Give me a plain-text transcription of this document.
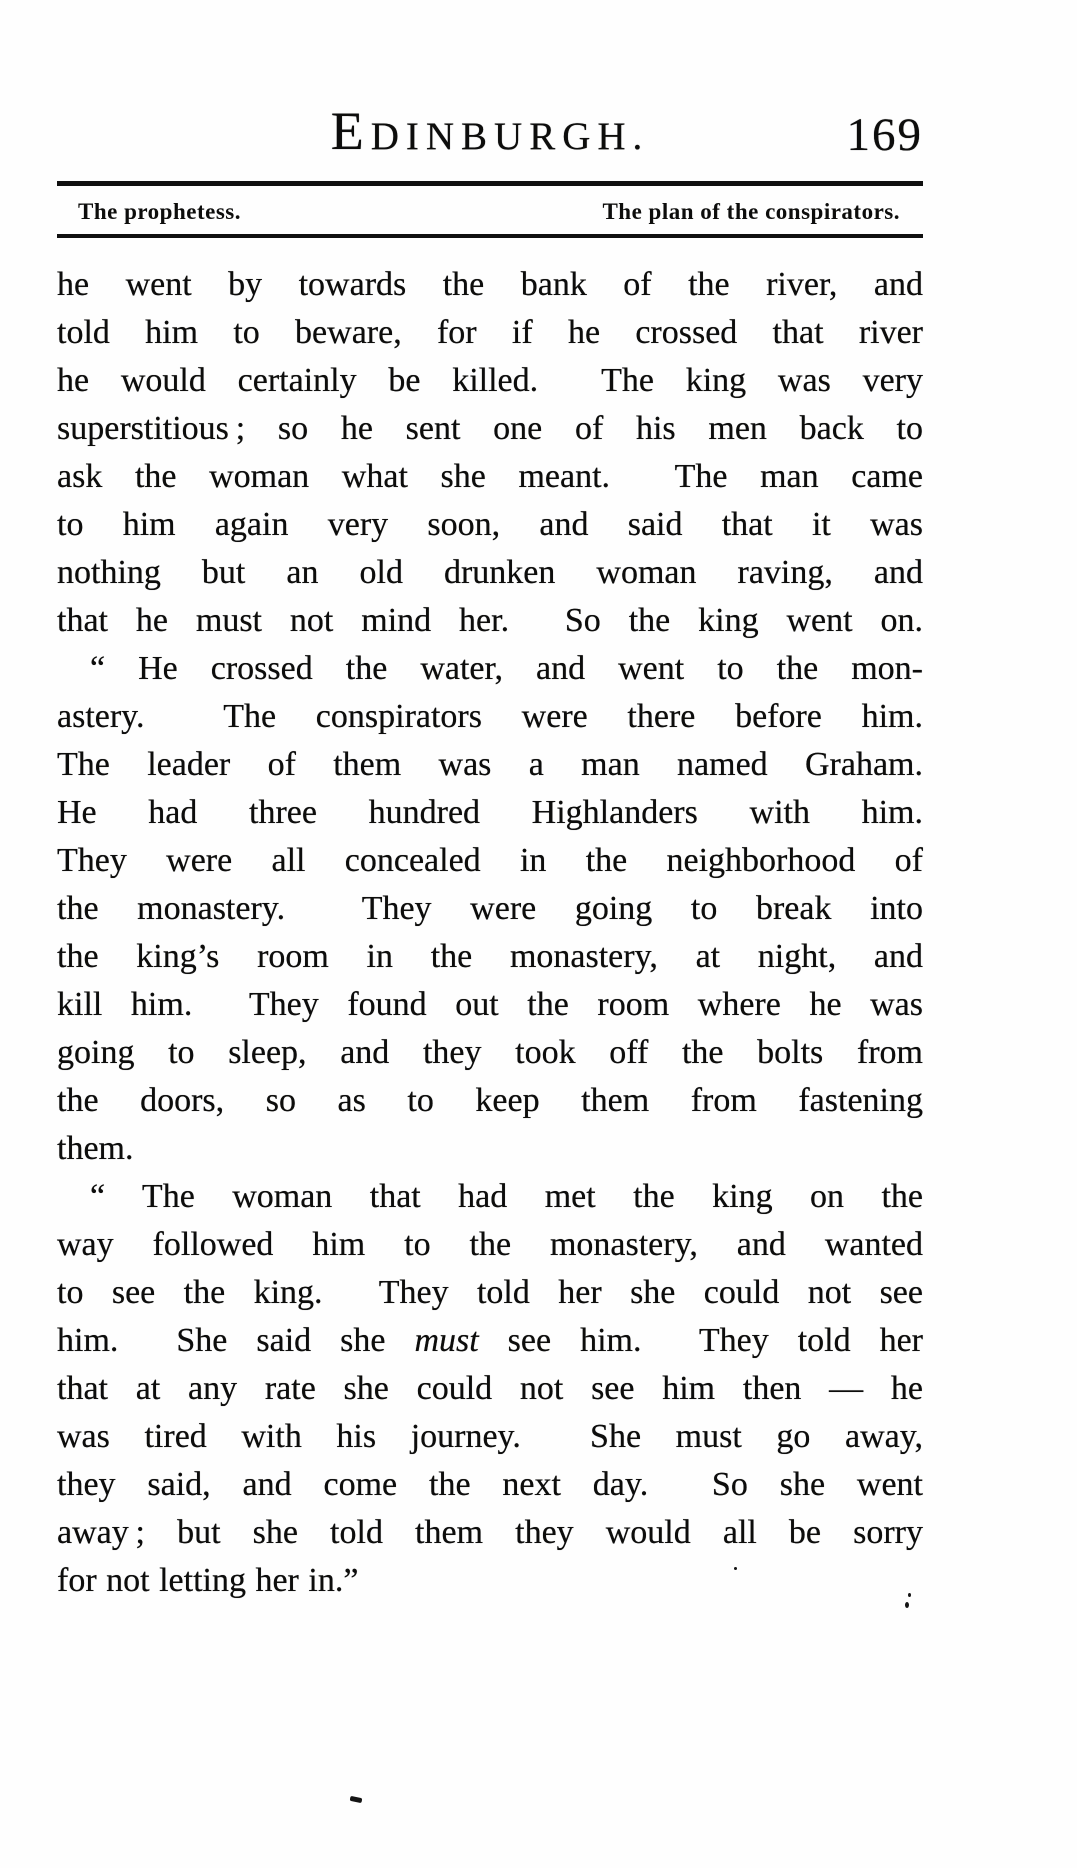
EDINBURGH.	169
The prophetess.	The plan of the conspirators.
he went by towards the bank of the river, and
told him to beware, for if he crossed that river
he would certainly be killed.  The king was very
superstitious ; so he sent one of his men back to
ask the woman what she meant.  The man came
to him again very soon, and said that it was
nothing but an old drunken woman raving, and
that he must not mind her.  So the king went on.
“ He crossed the water, and went to the mon-
astery.  The conspirators were there before him.
The leader of them was a man named Graham.
He had three hundred Highlanders with him.
They were all concealed in the neighborhood of
the monastery.  They were going to break into
the king’s room in the monastery, at night, and
kill him.  They found out the room where he was
going to sleep, and they took off the bolts from
the doors, so as to keep them from fastening
them.
“ The woman that had met the king on the
way followed him to the monastery, and wanted
to see the king.  They told her she could not see
him.  She said she must see him.  They told her
that at any rate she could not see him then — he
was tired with his journey.  She must go away,
they said, and come the next day.  So she went
away ; but she told them they would all be sorry
for not letting her in.”
